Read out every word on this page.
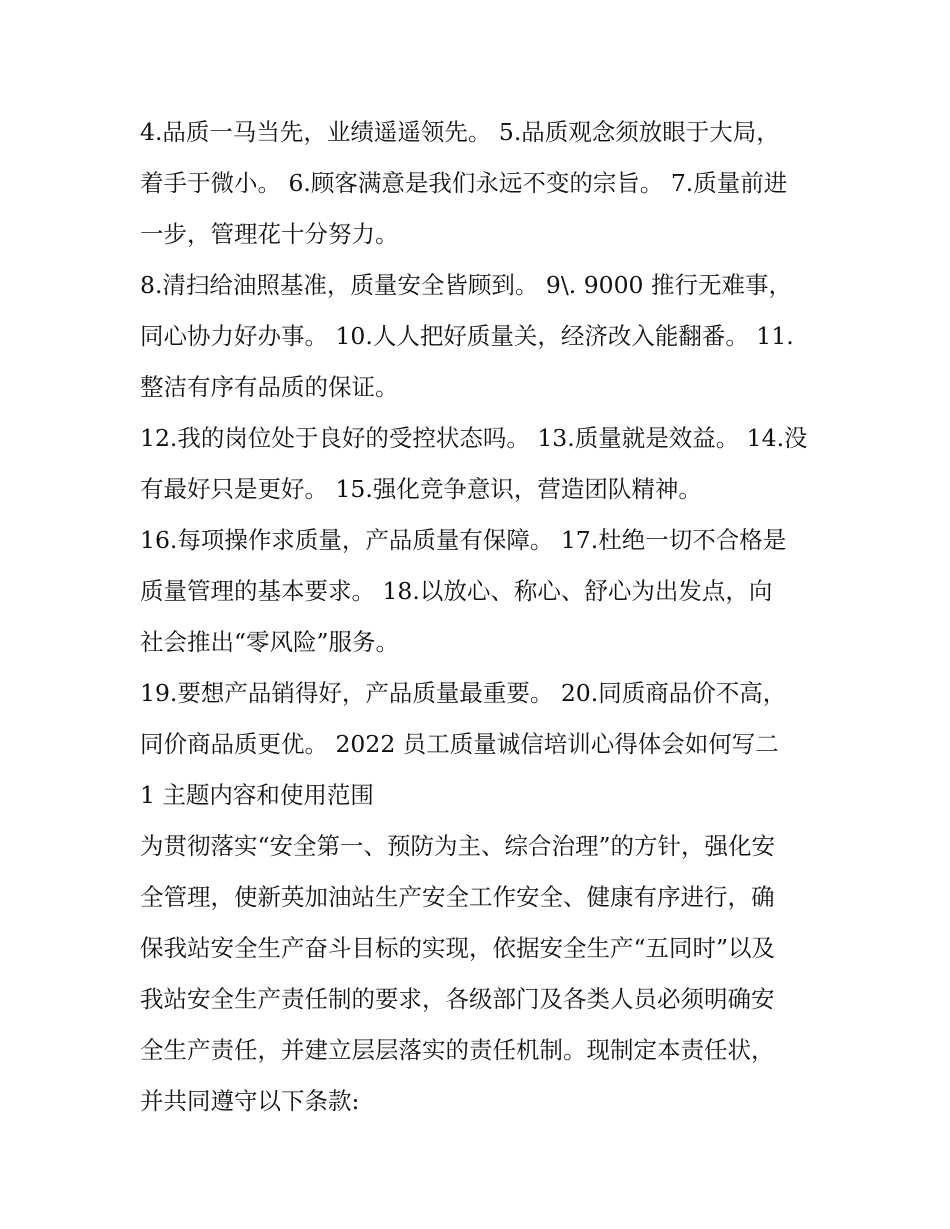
4.品质一马当先，业绩遥遥领先。 5.品质观念须放眼于大局，
着手于微小。 6.顾客满意是我们永远不变的宗旨。 7.质量前进
一步，管理花十分努力。
8.清扫给油照基准，质量安全皆顾到。 9\. 9000 推行无难事，
同心协力好办事。 10.人人把好质量关，经济改入能翻番。 11.
整洁有序有品质的保证。
12.我的岗位处于良好的受控状态吗。 13.质量就是效益。 14.没
有最好只是更好。 15.强化竞争意识，营造团队精神。
16.每项操作求质量，产品质量有保障。 17.杜绝一切不合格是
质量管理的基本要求。 18.以放心、称心、舒心为出发点，向
社会推出“零风险”服务。
19.要想产品销得好，产品质量最重要。 20.同质商品价不高，
同价商品质更优。 2022 员工质量诚信培训心得体会如何写二
1 主题内容和使用范围
为贯彻落实“安全第一、预防为主、综合治理”的方针，强化安
全管理，使新英加油站生产安全工作安全、健康有序进行，确
保我站安全生产奋斗目标的实现，依据安全生产“五同时”以及
我站安全生产责任制的要求，各级部门及各类人员必须明确安
全生产责任，并建立层层落实的责任机制。现制定本责任状，
并共同遵守以下条款:
